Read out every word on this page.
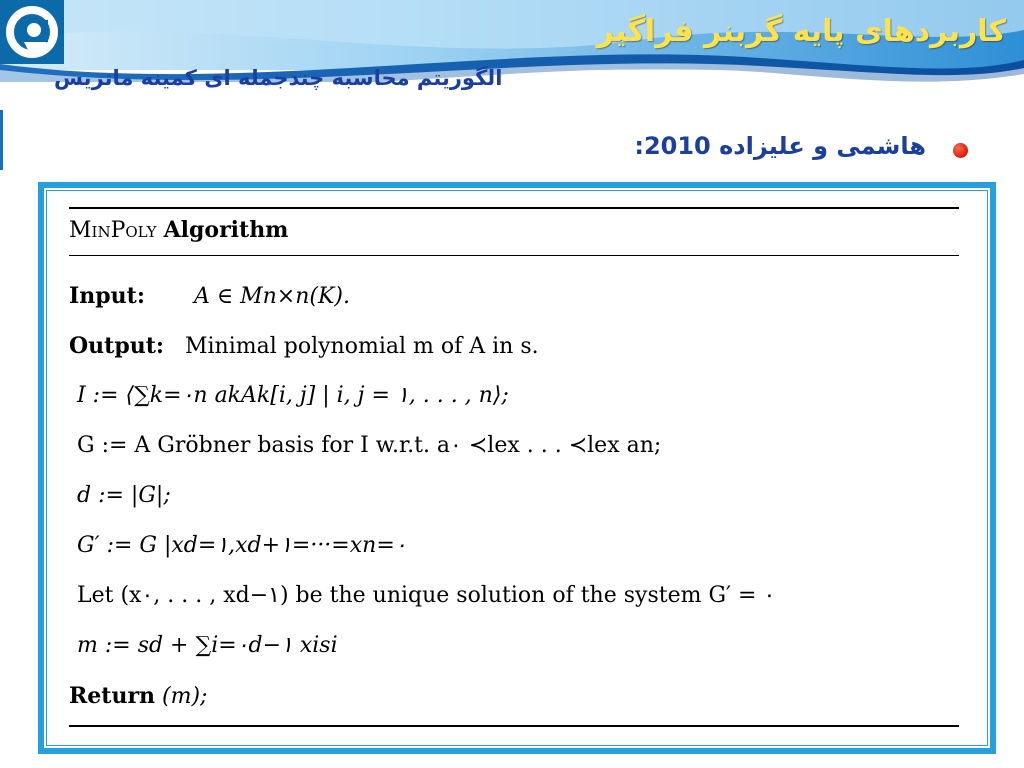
کاربردهای پایه گربنر فراگیر
الگوریتم محاسبه چندجمله ای کمینه ماتریس

هاشمی و علیزاده 2010:

MinPoly Algorithm
Input: A ∈ Mn×n(K).
Output: Minimal polynomial m of A in s.
I := ⟨∑k=٠n akAk[i, j] | i, j = ١, . . . , n⟩;
G := A Gröbner basis for I w.r.t. a٠ ≺lex . . . ≺lex an;
d := |G|;
G′ := G |xd=١,xd+١=···=xn=٠
Let (x٠, . . . , xd−١) be the unique solution of the system G′ = ٠
m := sd + ∑i=٠d−١ xisi
Return (m);
